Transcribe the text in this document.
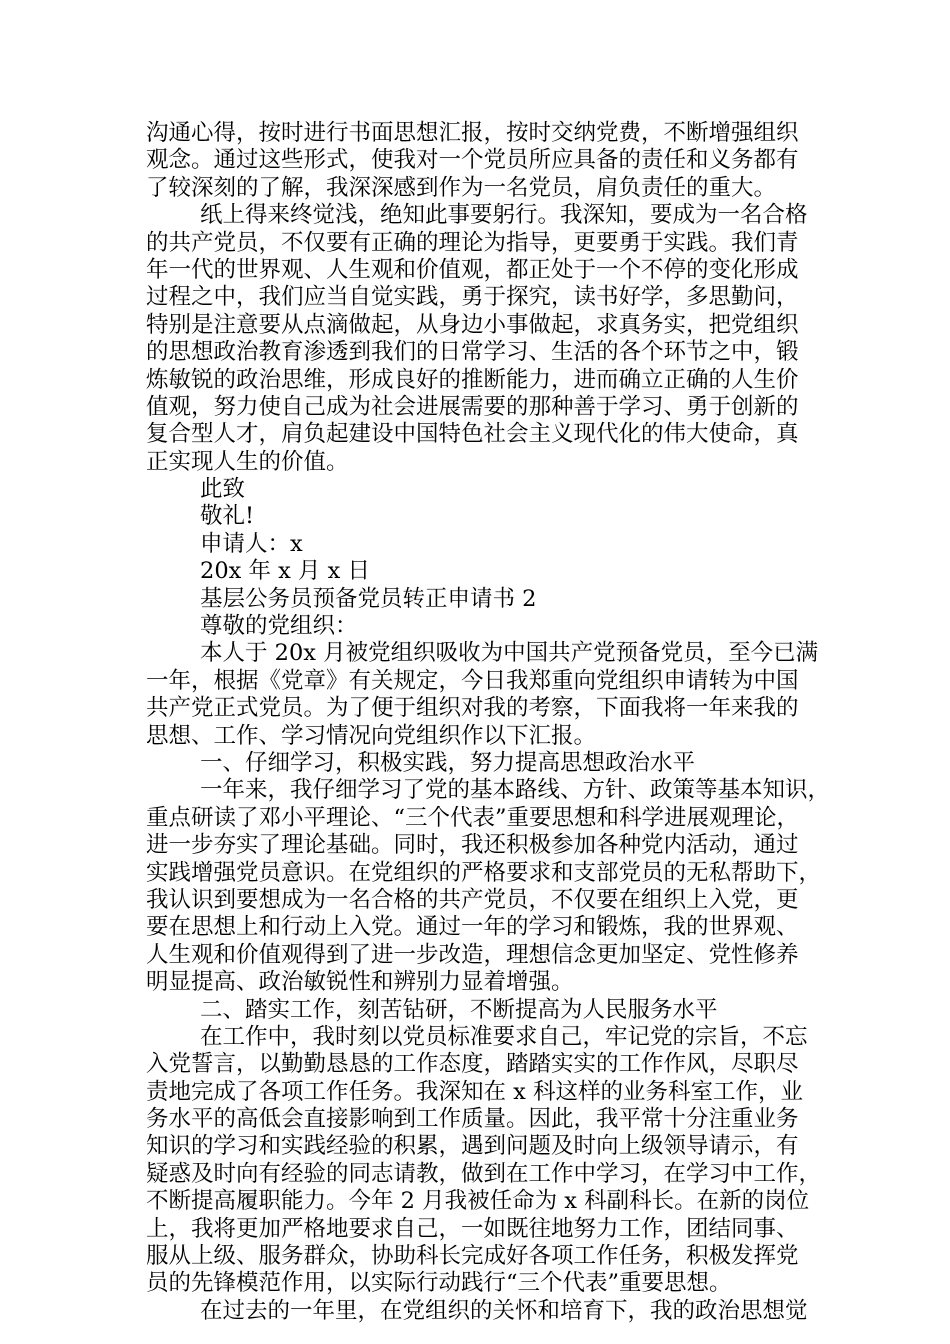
沟通心得，按时进行书面思想汇报，按时交纳党费，不断增强组织
观念。通过这些形式，使我对一个党员所应具备的责任和义务都有
了较深刻的了解，我深深感到作为一名党员，肩负责任的重大。
纸上得来终觉浅，绝知此事要躬行。我深知，要成为一名合格
的共产党员，不仅要有正确的理论为指导，更要勇于实践。我们青
年一代的世界观、人生观和价值观，都正处于一个不停的变化形成
过程之中，我们应当自觉实践，勇于探究，读书好学，多思勤问，
特别是注意要从点滴做起，从身边小事做起，求真务实，把党组织
的思想政治教育渗透到我们的日常学习、生活的各个环节之中，锻
炼敏锐的政治思维，形成良好的推断能力，进而确立正确的人生价
值观，努力使自己成为社会进展需要的那种善于学习、勇于创新的
复合型人才，肩负起建设中国特色社会主义现代化的伟大使命，真
正实现人生的价值。
此致
敬礼!
申请人：x
20x 年 x 月 x 日
基层公务员预备党员转正申请书 2
尊敬的党组织：
本人于 20x 月被党组织吸收为中国共产党预备党员，至今已满
一年，根据《党章》有关规定，今日我郑重向党组织申请转为中国
共产党正式党员。为了便于组织对我的考察，下面我将一年来我的
思想、工作、学习情况向党组织作以下汇报。
一、仔细学习，积极实践，努力提高思想政治水平
一年来，我仔细学习了党的基本路线、方针、政策等基本知识，
重点研读了邓小平理论、“三个代表”重要思想和科学进展观理论，
进一步夯实了理论基础。同时，我还积极参加各种党内活动，通过
实践增强党员意识。在党组织的严格要求和支部党员的无私帮助下，
我认识到要想成为一名合格的共产党员，不仅要在组织上入党，更
要在思想上和行动上入党。通过一年的学习和锻炼，我的世界观、
人生观和价值观得到了进一步改造，理想信念更加坚定、党性修养
明显提高、政治敏锐性和辨别力显着增强。
二、踏实工作，刻苦钻研，不断提高为人民服务水平
在工作中，我时刻以党员标准要求自己，牢记党的宗旨，不忘
入党誓言，以勤勤恳恳的工作态度，踏踏实实的工作作风，尽职尽
责地完成了各项工作任务。我深知在 x 科这样的业务科室工作，业
务水平的高低会直接影响到工作质量。因此，我平常十分注重业务
知识的学习和实践经验的积累，遇到问题及时向上级领导请示，有
疑惑及时向有经验的同志请教，做到在工作中学习，在学习中工作，
不断提高履职能力。今年 2 月我被任命为 x 科副科长。在新的岗位
上，我将更加严格地要求自己，一如既往地努力工作，团结同事、
服从上级、服务群众，协助科长完成好各项工作任务，积极发挥党
员的先锋模范作用，以实际行动践行“三个代表”重要思想。
在过去的一年里，在党组织的关怀和培育下，我的政治思想觉
